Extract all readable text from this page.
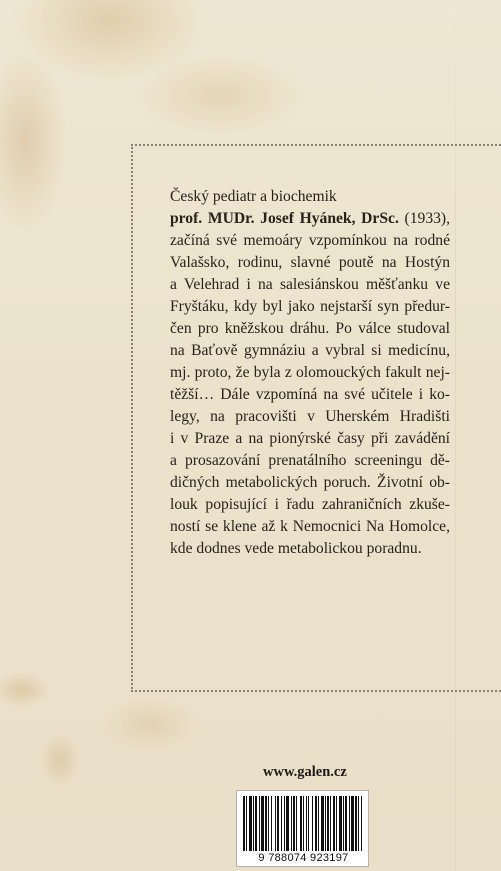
Český pediatr a biochemik
prof. MUDr. Josef Hyánek, DrSc. (1933),
začíná své memoáry vzpomínkou na rodné
Valašsko, rodinu, slavné poutě na Hostýn
a Velehrad i na salesiánskou měšťanku ve
Fryštáku, kdy byl jako nejstarší syn předur-
čen pro kněžskou dráhu. Po válce studoval
na Baťově gymnáziu a vybral si medicínu,
mj. proto, že byla z olomouckých fakult nej-
těžší… Dále vzpomíná na své učitele i ko-
legy, na pracovišti v Uherském Hradišti
i v Praze a na pionýrské časy při zavádění
a prosazování prenatálního screeningu dě-
dičných metabolických poruch. Životní ob-
louk popisující i řadu zahraničních zkuše-
ností se klene až k Nemocnici Na Homolce,
kde dodnes vede metabolickou poradnu.
www.galen.cz
9 788074 923197
